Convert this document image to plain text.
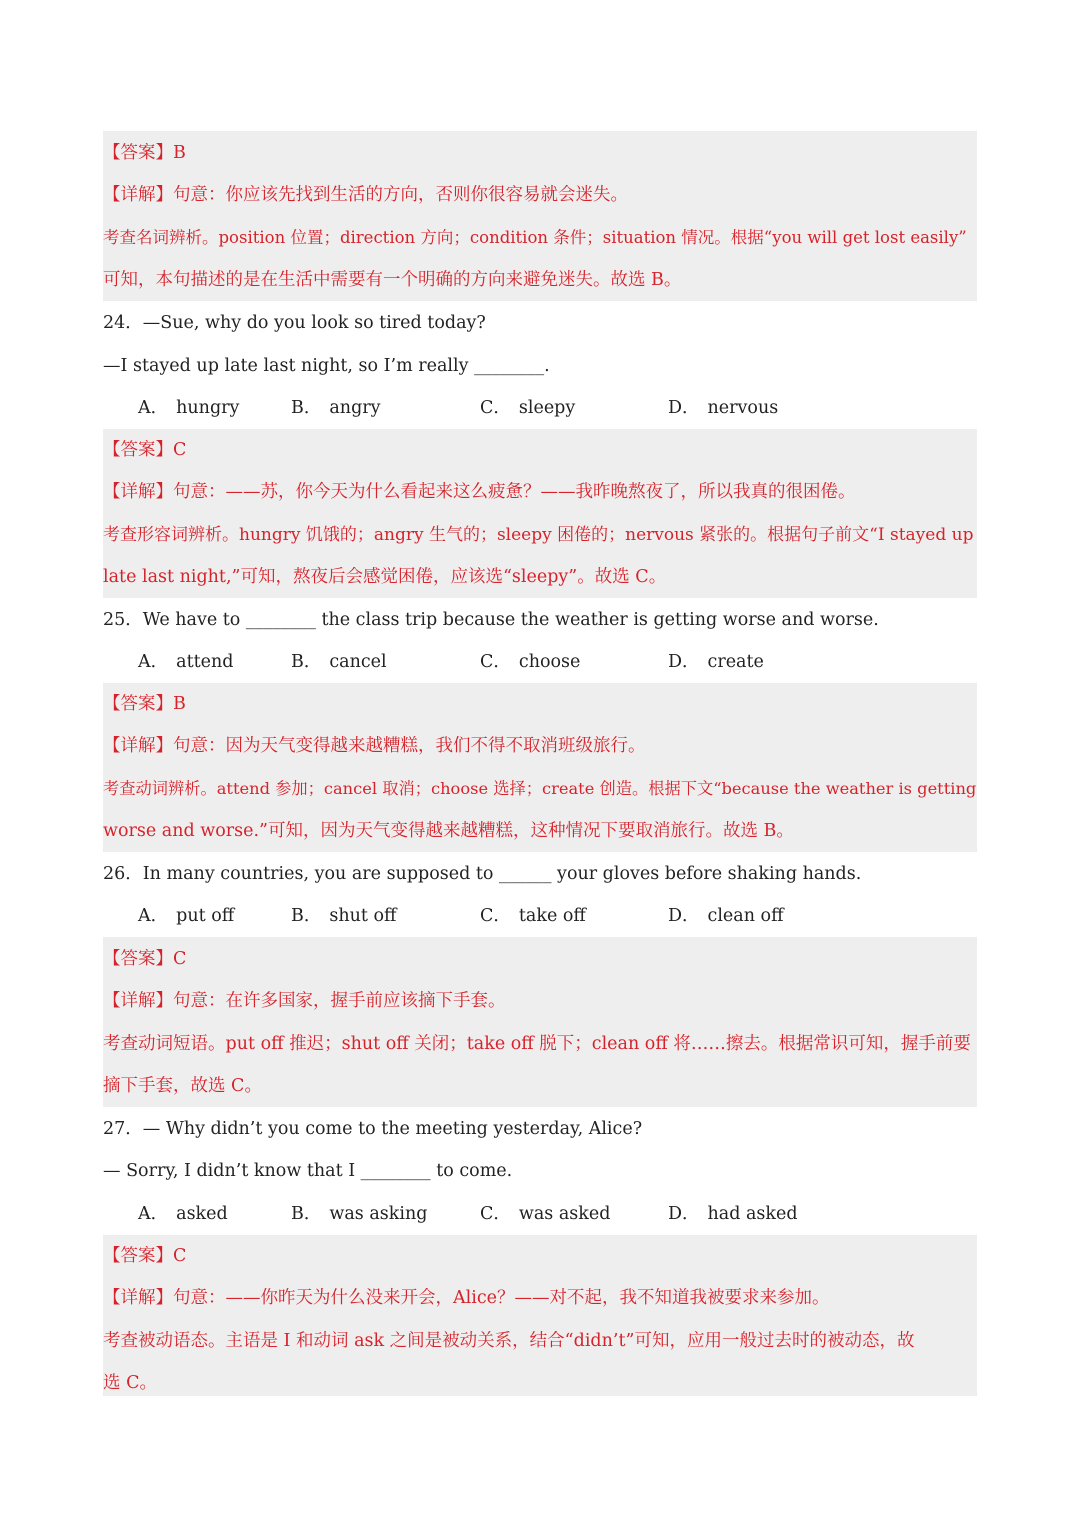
【答案】B
【详解】句意：你应该先找到生活的方向，否则你很容易就会迷失。
考查名词辨析。position 位置；direction 方向；condition 条件；situation 情况。根据“you will get lost easily”
可知，本句描述的是在生活中需要有一个明确的方向来避免迷失。故选 B。
24．—Sue, why do you look so tired today?
—I stayed up late last night, so I’m really ________.
A． hungry	B． angry	C． sleepy	D． nervous
【答案】C
【详解】句意：——苏，你今天为什么看起来这么疲惫？——我昨晚熬夜了，所以我真的很困倦。
考查形容词辨析。hungry 饥饿的；angry 生气的；sleepy 困倦的；nervous 紧张的。根据句子前文“I stayed up
late last night,”可知，熬夜后会感觉困倦，应该选“sleepy”。故选 C。
25．We have to ________ the class trip because the weather is getting worse and worse.
A． attend	B． cancel	C． choose	D． create
【答案】B
【详解】句意：因为天气变得越来越糟糕，我们不得不取消班级旅行。
考查动词辨析。attend 参加；cancel 取消；choose 选择；create 创造。根据下文“because the weather is getting
worse and worse.”可知，因为天气变得越来越糟糕，这种情况下要取消旅行。故选 B。
26．In many countries, you are supposed to ______ your gloves before shaking hands.
A． put off	B． shut off	C． take off	D． clean off
【答案】C
【详解】句意：在许多国家，握手前应该摘下手套。
考查动词短语。put off 推迟；shut off 关闭；take off 脱下；clean off 将……擦去。根据常识可知，握手前要
摘下手套，故选 C。
27．— Why didn’t you come to the meeting yesterday, Alice?
— Sorry, I didn’t know that I ________ to come.
A． asked	B． was asking	C． was asked	D． had asked
【答案】C
【详解】句意：——你昨天为什么没来开会，Alice？——对不起，我不知道我被要求来参加。
考查被动语态。主语是 I 和动词 ask 之间是被动关系，结合“didn’t”可知，应用一般过去时的被动态，故
选 C。
